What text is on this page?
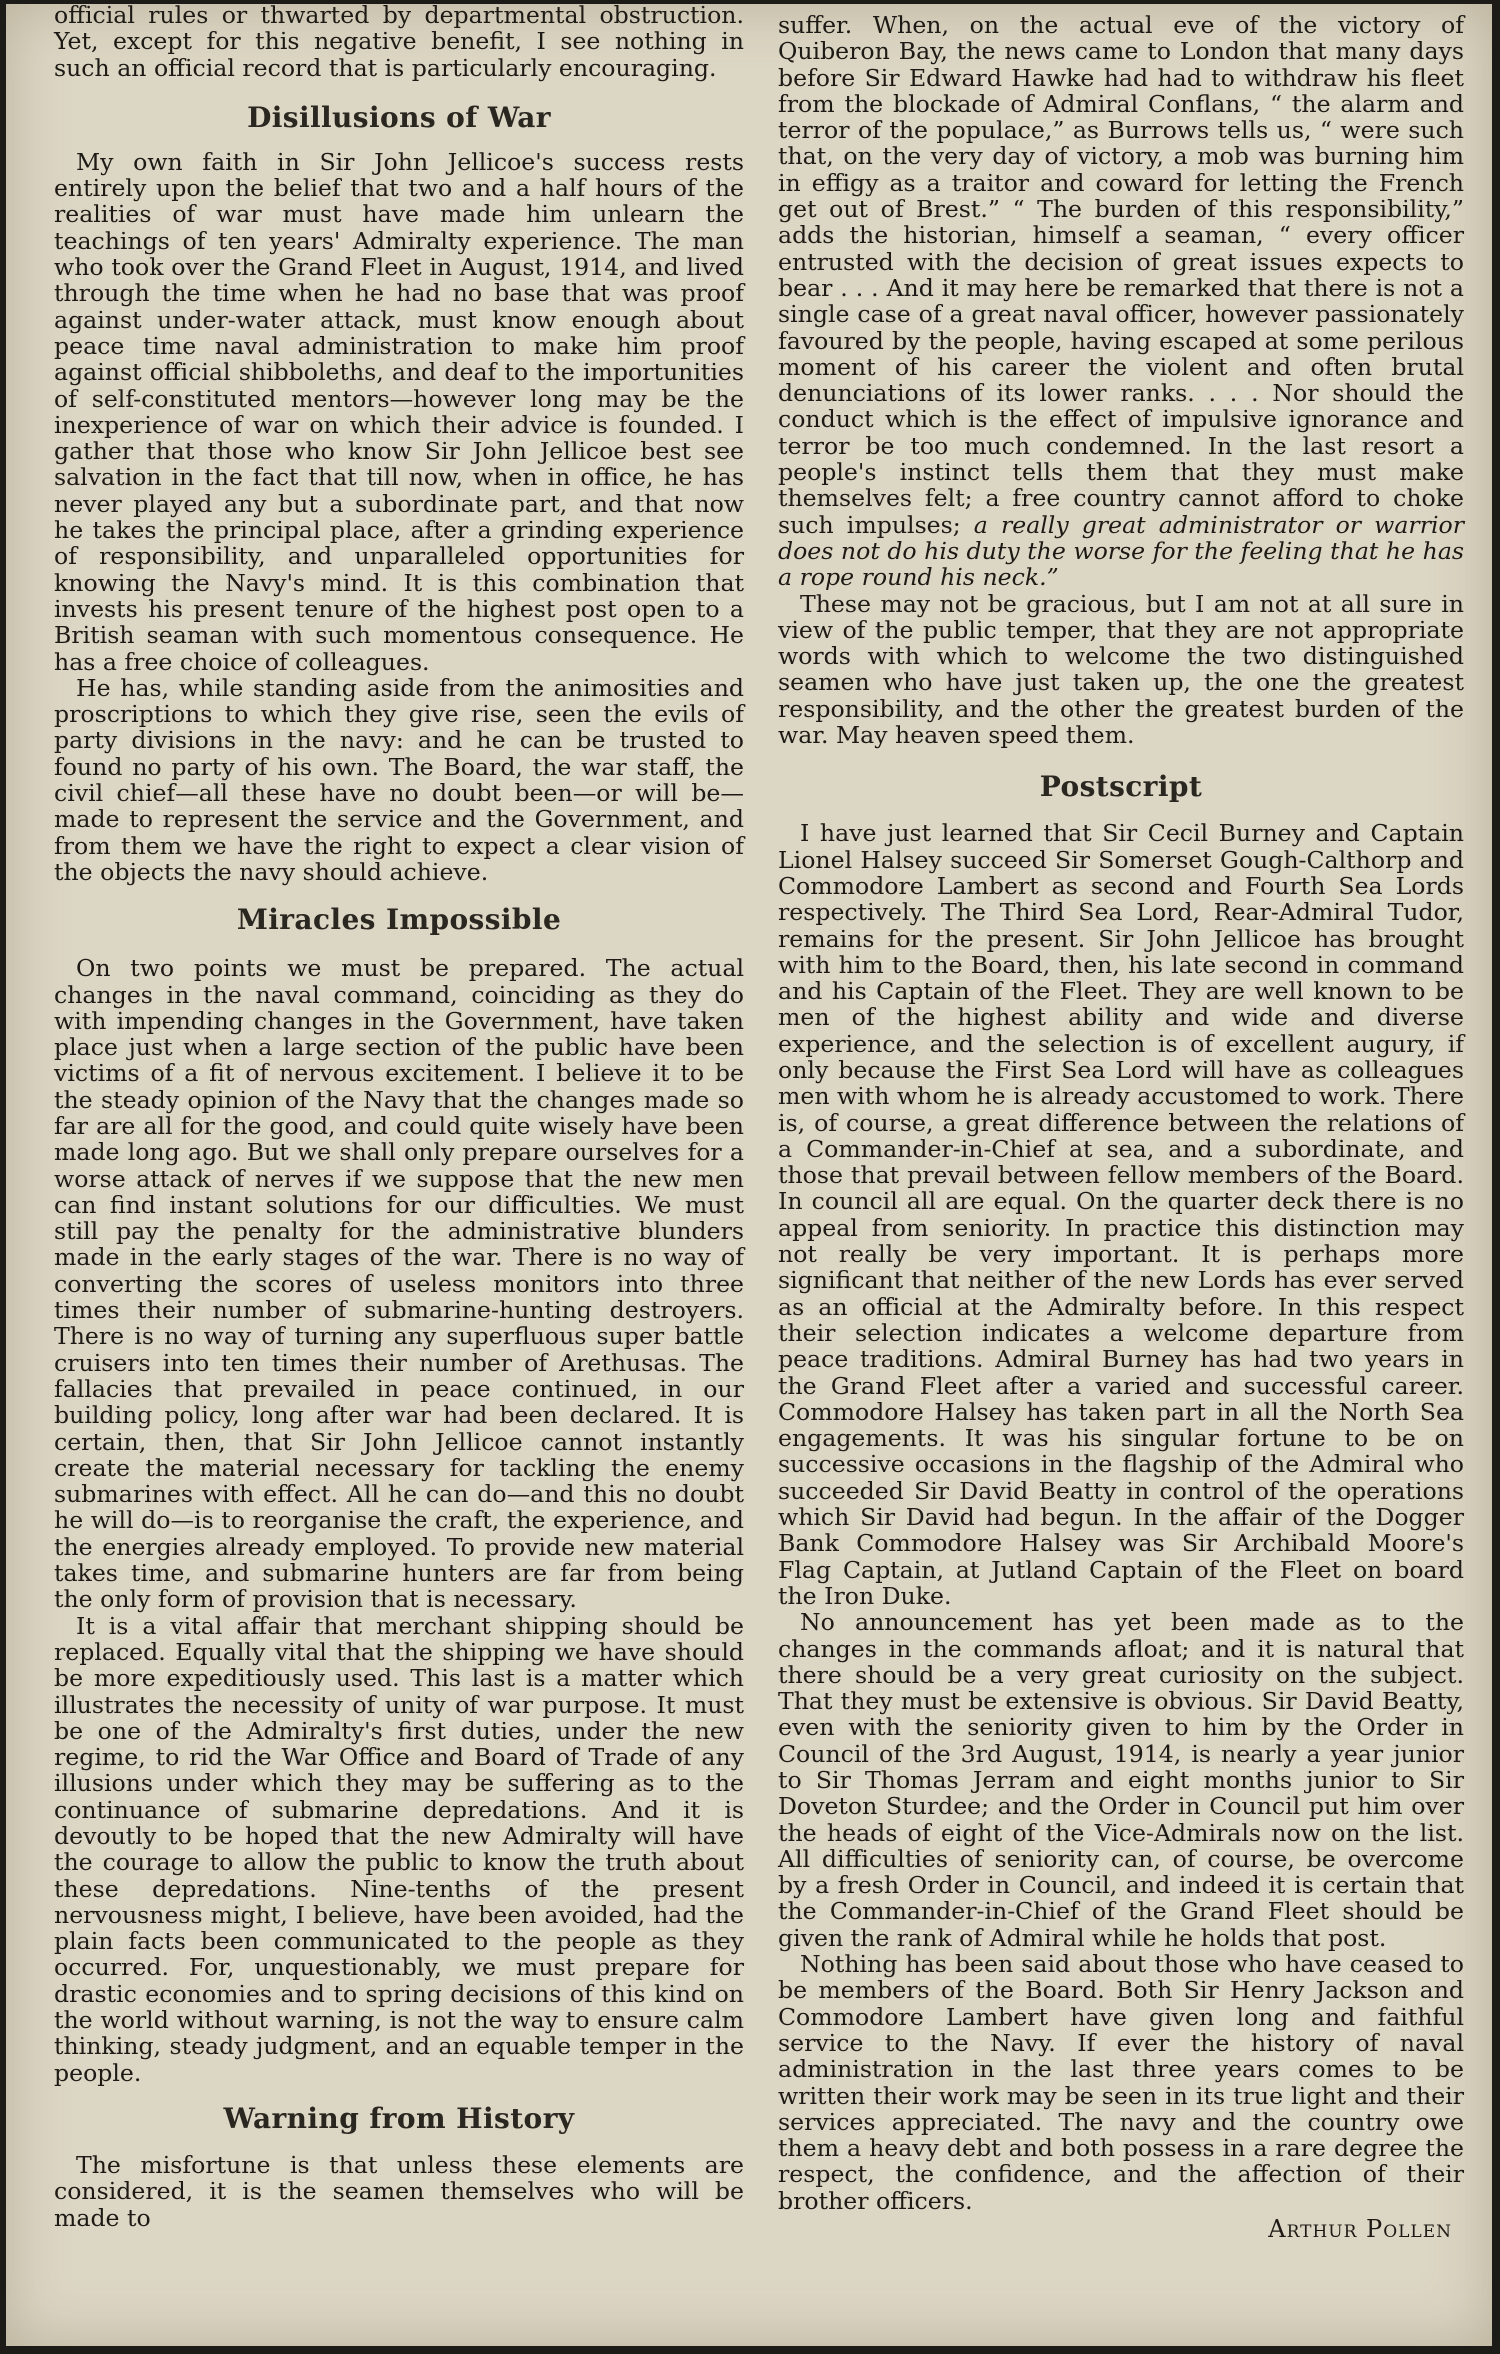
official rules or thwarted by departmental obstruction. Yet, except for this negative benefit, I see nothing in such an official record that is particularly encouraging.

Disillusions of War

My own faith in Sir John Jellicoe's success rests entirely upon the belief that two and a half hours of the realities of war must have made him unlearn the teachings of ten years' Admiralty experience. The man who took over the Grand Fleet in August, 1914, and lived through the time when he had no base that was proof against under-water attack, must know enough about peace time naval administration to make him proof against official shibboleths, and deaf to the importunities of self-constituted mentors—however long may be the inexperience of war on which their advice is founded. I gather that those who know Sir John Jellicoe best see salvation in the fact that till now, when in office, he has never played any but a subordinate part, and that now he takes the principal place, after a grinding experience of responsibility, and unparalleled opportunities for knowing the Navy's mind. It is this combination that invests his present tenure of the highest post open to a British seaman with such momentous consequence. He has a free choice of colleagues.

He has, while standing aside from the animosities and proscriptions to which they give rise, seen the evils of party divisions in the navy: and he can be trusted to found no party of his own. The Board, the war staff, the civil chief—all these have no doubt been—or will be—made to represent the service and the Government, and from them we have the right to expect a clear vision of the objects the navy should achieve.

Miracles Impossible

On two points we must be prepared. The actual changes in the naval command, coinciding as they do with impending changes in the Government, have taken place just when a large section of the public have been victims of a fit of nervous excitement. I believe it to be the steady opinion of the Navy that the changes made so far are all for the good, and could quite wisely have been made long ago. But we shall only prepare ourselves for a worse attack of nerves if we suppose that the new men can find instant solutions for our difficulties. We must still pay the penalty for the administrative blunders made in the early stages of the war. There is no way of converting the scores of useless monitors into three times their number of submarine-hunting destroyers. There is no way of turning any superfluous super battle cruisers into ten times their number of Arethusas. The fallacies that prevailed in peace continued, in our building policy, long after war had been declared. It is certain, then, that Sir John Jellicoe cannot instantly create the material necessary for tackling the enemy submarines with effect. All he can do—and this no doubt he will do—is to reorganise the craft, the experience, and the energies already employed. To provide new material takes time, and submarine hunters are far from being the only form of provision that is necessary.

It is a vital affair that merchant shipping should be replaced. Equally vital that the shipping we have should be more expeditiously used. This last is a matter which illustrates the necessity of unity of war purpose. It must be one of the Admiralty's first duties, under the new regime, to rid the War Office and Board of Trade of any illusions under which they may be suffering as to the continuance of submarine depredations. And it is devoutly to be hoped that the new Admiralty will have the courage to allow the public to know the truth about these depredations. Nine-tenths of the present nervousness might, I believe, have been avoided, had the plain facts been communicated to the people as they occurred. For, unquestionably, we must prepare for drastic economies and to spring decisions of this kind on the world without warning, is not the way to ensure calm thinking, steady judgment, and an equable temper in the people.

Warning from History

The misfortune is that unless these elements are considered, it is the seamen themselves who will be made to

suffer. When, on the actual eve of the victory of Quiberon Bay, the news came to London that many days before Sir Edward Hawke had had to withdraw his fleet from the blockade of Admiral Conflans, “ the alarm and terror of the populace,” as Burrows tells us, “ were such that, on the very day of victory, a mob was burning him in effigy as a traitor and coward for letting the French get out of Brest.” “ The burden of this responsibility,” adds the historian, himself a seaman, “ every officer entrusted with the decision of great issues expects to bear . . . And it may here be remarked that there is not a single case of a great naval officer, however passionately favoured by the people, having escaped at some perilous moment of his career the violent and often brutal denunciations of its lower ranks. . . . Nor should the conduct which is the effect of impulsive ignorance and terror be too much condemned. In the last resort a people's instinct tells them that they must make themselves felt; a free country cannot afford to choke such impulses; a really great administrator or warrior does not do his duty the worse for the feeling that he has a rope round his neck.”

These may not be gracious, but I am not at all sure in view of the public temper, that they are not appropriate words with which to welcome the two distinguished seamen who have just taken up, the one the greatest responsibility, and the other the greatest burden of the war. May heaven speed them.

Postscript

I have just learned that Sir Cecil Burney and Captain Lionel Halsey succeed Sir Somerset Gough-Calthorp and Commodore Lambert as second and Fourth Sea Lords respectively. The Third Sea Lord, Rear-Admiral Tudor, remains for the present. Sir John Jellicoe has brought with him to the Board, then, his late second in command and his Captain of the Fleet. They are well known to be men of the highest ability and wide and diverse experience, and the selection is of excellent augury, if only because the First Sea Lord will have as colleagues men with whom he is already accustomed to work. There is, of course, a great difference between the relations of a Commander-in-Chief at sea, and a subordinate, and those that prevail between fellow members of the Board. In council all are equal. On the quarter deck there is no appeal from seniority. In practice this distinction may not really be very important. It is perhaps more significant that neither of the new Lords has ever served as an official at the Admiralty before. In this respect their selection indicates a welcome departure from peace traditions. Admiral Burney has had two years in the Grand Fleet after a varied and successful career. Commodore Halsey has taken part in all the North Sea engagements. It was his singular fortune to be on successive occasions in the flagship of the Admiral who succeeded Sir David Beatty in control of the operations which Sir David had begun. In the affair of the Dogger Bank Commodore Halsey was Sir Archibald Moore's Flag Captain, at Jutland Captain of the Fleet on board the Iron Duke.

No announcement has yet been made as to the changes in the commands afloat; and it is natural that there should be a very great curiosity on the subject. That they must be extensive is obvious. Sir David Beatty, even with the seniority given to him by the Order in Council of the 3rd August, 1914, is nearly a year junior to Sir Thomas Jerram and eight months junior to Sir Doveton Sturdee; and the Order in Council put him over the heads of eight of the Vice-Admirals now on the list. All difficulties of seniority can, of course, be overcome by a fresh Order in Council, and indeed it is certain that the Commander-in-Chief of the Grand Fleet should be given the rank of Admiral while he holds that post.

Nothing has been said about those who have ceased to be members of the Board. Both Sir Henry Jackson and Commodore Lambert have given long and faithful service to the Navy. If ever the history of naval administration in the last three years comes to be written their work may be seen in its true light and their services appreciated. The navy and the country owe them a heavy debt and both possess in a rare degree the respect, the confidence, and the affection of their brother officers.

Arthur Pollen
